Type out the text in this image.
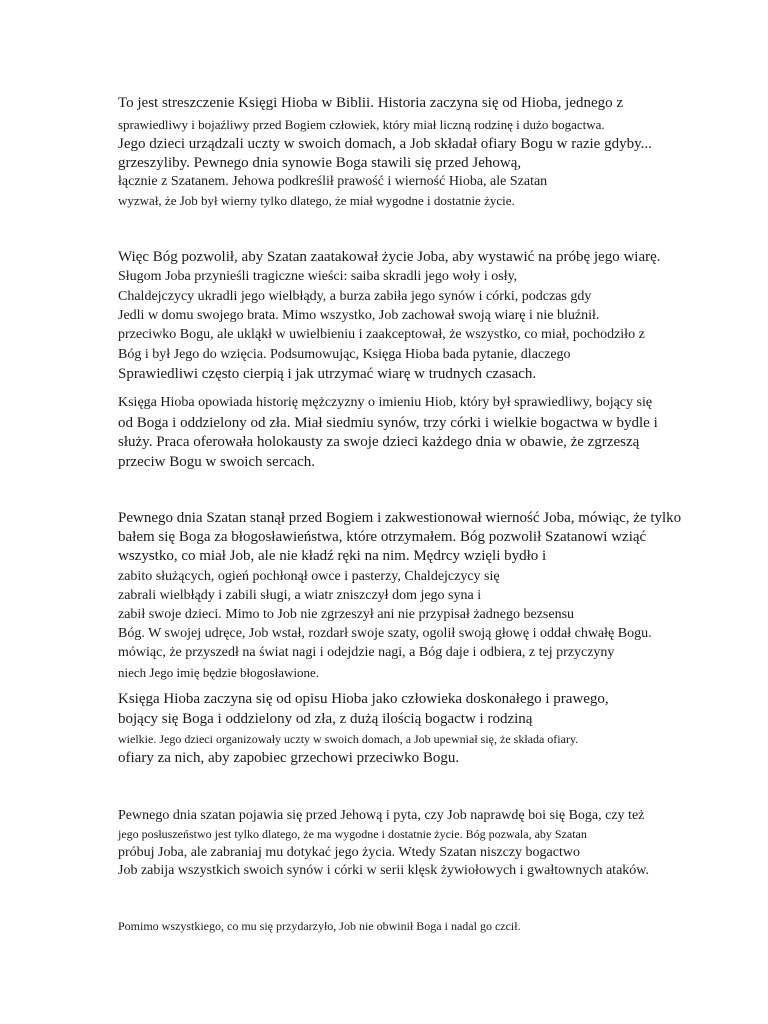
To jest streszczenie Księgi Hioba w Biblii. Historia zaczyna się od Hioba, jednego z
sprawiedliwy i bojaźliwy przed Bogiem człowiek, który miał liczną rodzinę i dużo bogactwa.
Jego dzieci urządzali uczty w swoich domach, a Job składał ofiary Bogu w razie gdyby...
grzeszyliby. Pewnego dnia synowie Boga stawili się przed Jehową,
łącznie z Szatanem. Jehowa podkreślił prawość i wierność Hioba, ale Szatan
wyzwał, że Job był wierny tylko dlatego, że miał wygodne i dostatnie życie.
Więc Bóg pozwolił, aby Szatan zaatakował życie Joba, aby wystawić na próbę jego wiarę.
Sługom Joba przynieśli tragiczne wieści: saiba skradli jego woły i osły,
Chaldejczycy ukradli jego wielbłądy, a burza zabiła jego synów i córki, podczas gdy
Jedli w domu swojego brata. Mimo wszystko, Job zachował swoją wiarę i nie bluźnił.
przeciwko Bogu, ale ukląkł w uwielbieniu i zaakceptował, że wszystko, co miał, pochodziło z
Bóg i był Jego do wzięcia. Podsumowując, Księga Hioba bada pytanie, dlaczego
Sprawiedliwi często cierpią i jak utrzymać wiarę w trudnych czasach.
Księga Hioba opowiada historię mężczyzny o imieniu Hiob, który był sprawiedliwy, bojący się
od Boga i oddzielony od zła. Miał siedmiu synów, trzy córki i wielkie bogactwa w bydle i
służy. Praca oferowała holokausty za swoje dzieci każdego dnia w obawie, że zgrzeszą
przeciw Bogu w swoich sercach.
Pewnego dnia Szatan stanął przed Bogiem i zakwestionował wierność Joba, mówiąc, że tylko
bałem się Boga za błogosławieństwa, które otrzymałem. Bóg pozwolił Szatanowi wziąć
wszystko, co miał Job, ale nie kładź ręki na nim. Mędrcy wzięli bydło i
zabito służących, ogień pochłonął owce i pasterzy, Chaldejczycy się
zabrali wielbłądy i zabili sługi, a wiatr zniszczył dom jego syna i
zabił swoje dzieci. Mimo to Job nie zgrzeszył ani nie przypisał żadnego bezsensu
Bóg. W swojej udręce, Job wstał, rozdarł swoje szaty, ogolił swoją głowę i oddał chwałę Bogu.
mówiąc, że przyszedł na świat nagi i odejdzie nagi, a Bóg daje i odbiera, z tej przyczyny
niech Jego imię będzie błogosławione.
Księga Hioba zaczyna się od opisu Hioba jako człowieka doskonałego i prawego,
bojący się Boga i oddzielony od zła, z dużą ilością bogactw i rodziną
wielkie. Jego dzieci organizowały uczty w swoich domach, a Job upewniał się, że składa ofiary.
ofiary za nich, aby zapobiec grzechowi przeciwko Bogu.
Pewnego dnia szatan pojawia się przed Jehową i pyta, czy Job naprawdę boi się Boga, czy też
jego posłuszeństwo jest tylko dlatego, że ma wygodne i dostatnie życie. Bóg pozwala, aby Szatan
próbuj Joba, ale zabraniaj mu dotykać jego życia. Wtedy Szatan niszczy bogactwo
Job zabija wszystkich swoich synów i córki w serii klęsk żywiołowych i gwałtownych ataków.
Pomimo wszystkiego, co mu się przydarzyło, Job nie obwinił Boga i nadal go czcił.
